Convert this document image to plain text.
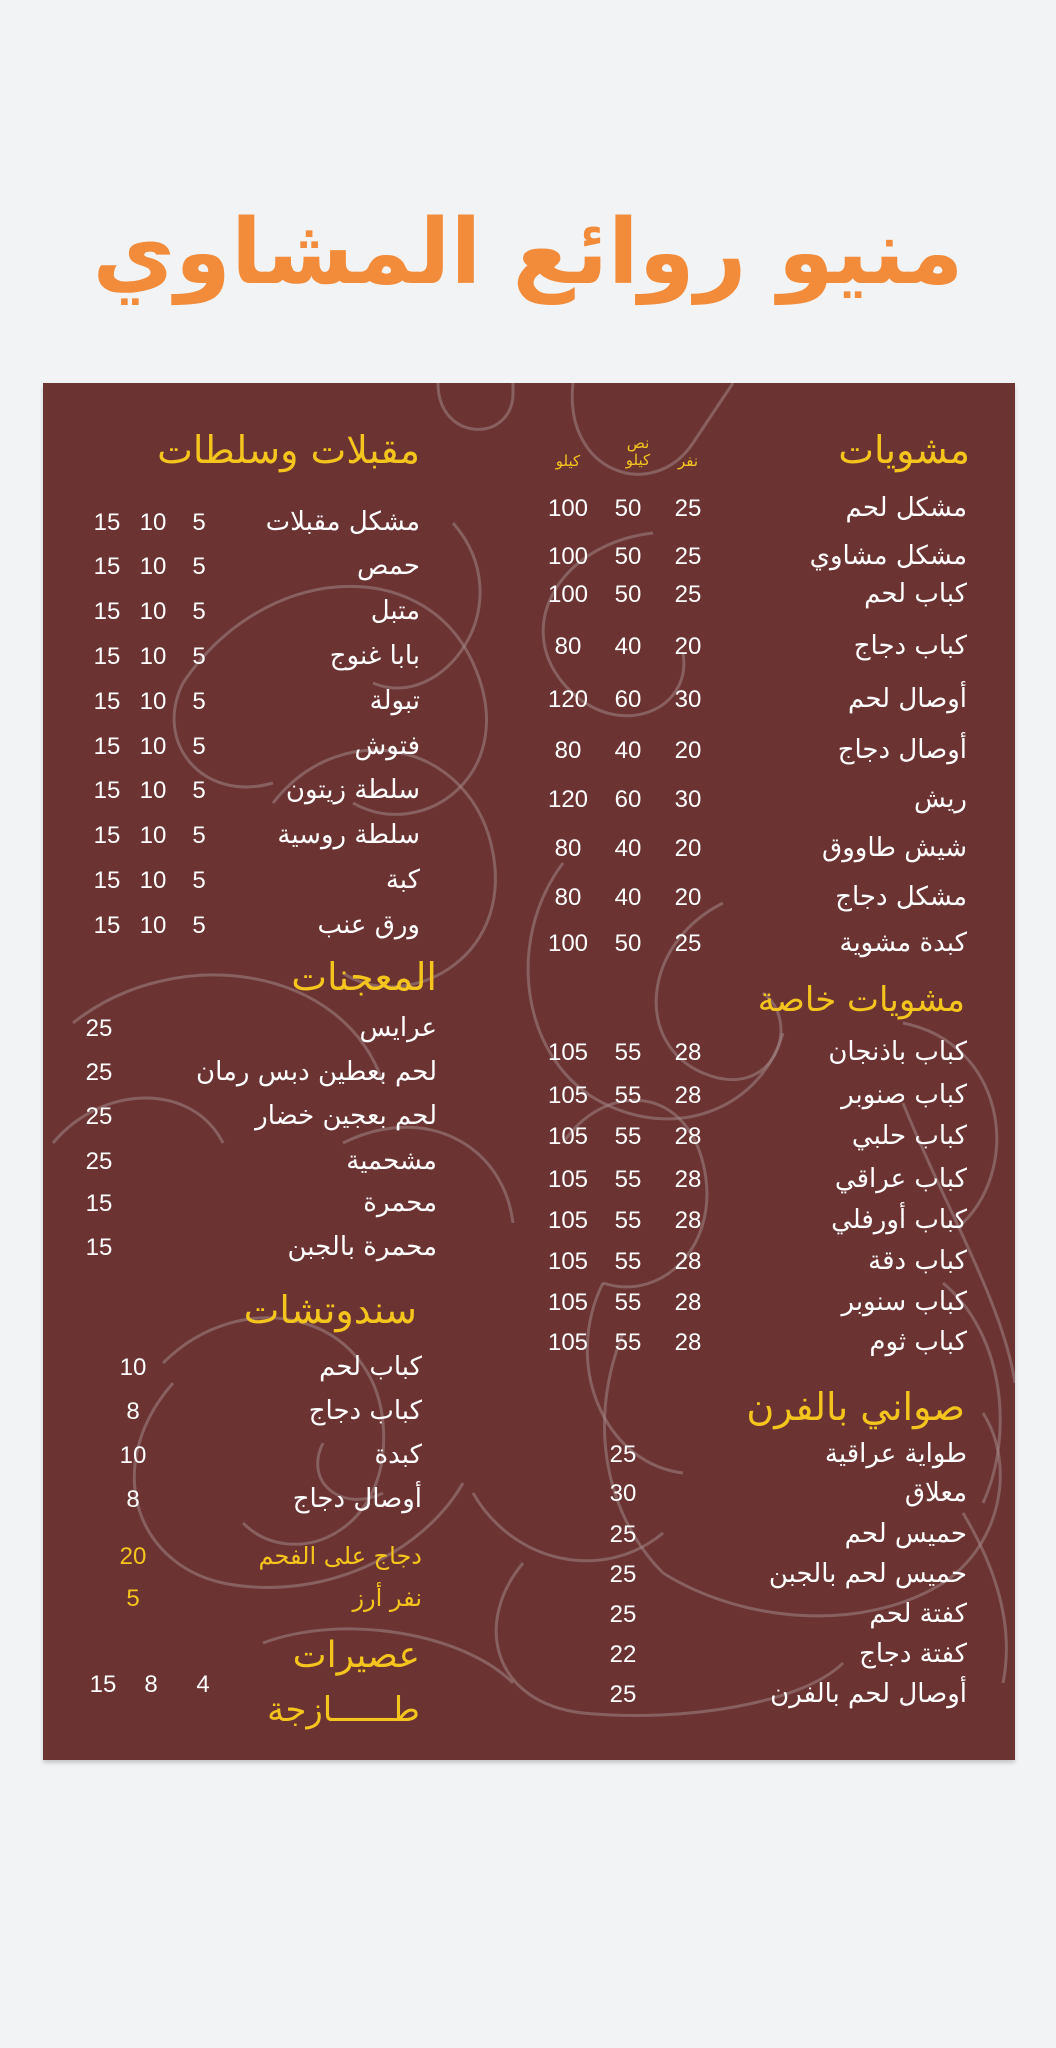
منيو روائع المشاوي
مشويات
نفر
نص كيلو
كيلو
مشكل لحم
25
50
100
مشكل مشاوي
25
50
100
كباب لحم
25
50
100
كباب دجاج
20
40
80
أوصال لحم
30
60
120
أوصال دجاج
20
40
80
ريش
30
60
120
شيش طاووق
20
40
80
مشكل دجاج
20
40
80
كبدة مشوية
25
50
100
مشويات خاصة
كباب باذنجان
28
55
105
كباب صنوبر
28
55
105
كباب حلبي
28
55
105
كباب عراقي
28
55
105
كباب أورفلي
28
55
105
كباب دقة
28
55
105
كباب سنوبر
28
55
105
كباب ثوم
28
55
105
صواني بالفرن
طواية عراقية
25
معلاق
30
حميس لحم
25
حميس لحم بالجبن
25
كفتة لحم
25
كفتة دجاج
22
أوصال لحم بالفرن
25
مقبلات وسلطات
مشكل مقبلات
5
10
15
حمص
5
10
15
متبل
5
10
15
بابا غنوج
5
10
15
تبولة
5
10
15
فتوش
5
10
15
سلطة زيتون
5
10
15
سلطة روسية
5
10
15
كبة
5
10
15
ورق عنب
5
10
15
المعجنات
عرايس
25
لحم بعطين دبس رمان
25
لحم بعجين خضار
25
مشحمية
25
محمرة
15
محمرة بالجبن
15
سندوتشات
كباب لحم
10
كباب دجاج
8
كبدة
10
أوصال دجاج
8
دجاج على الفحم
20
نفر أرز
5
عصيرات
طــــــازجة
4
8
15
